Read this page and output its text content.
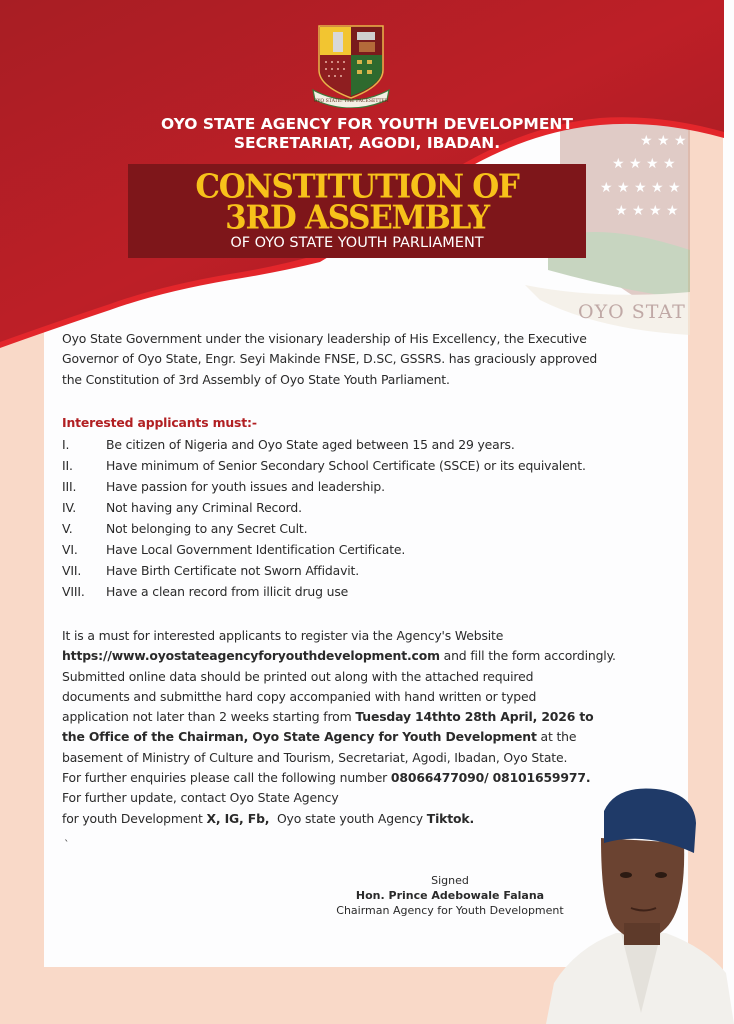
★ ★ ★
★ ★ ★ ★
★ ★ ★ ★ ★
★ ★ ★ ★
OYO STAT
OYO STATE: THE PACESETTER
OYO STATE AGENCY FOR YOUTH DEVELOPMENT
SECRETARIAT, AGODI, IBADAN.
CONSTITUTION OF
3RD ASSEMBLY
OF OYO STATE YOUTH PARLIAMENT
Oyo State Government under the visionary leadership of His Excellency, the Executive
Governor of Oyo State, Engr. Seyi Makinde FNSE, D.SC, GSSRS. has graciously approved
the Constitution of 3rd Assembly of Oyo State Youth Parliament.
Interested applicants must:-
I.	Be citizen of Nigeria and Oyo State aged between 15 and 29 years.
II.	Have minimum of Senior Secondary School Certificate (SSCE) or its equivalent.
III. Have passion for youth issues and leadership.
IV. Not having any Criminal Record.
V.	Not belonging to any Secret Cult.
VI. Have Local Government Identification Certificate.
VII. Have Birth Certificate not Sworn Affidavit.
VIII. Have a clean record from illicit drug use
It is a must for interested applicants to register via the Agency's Website
https://www.oyostateagencyforyouthdevelopment.com and fill the form accordingly.
Submitted online data should be printed out along with the attached required
documents and submitthe hard copy accompanied with hand written or typed
application not later than 2 weeks starting from Tuesday 14thto 28th April, 2026 to
the Office of the Chairman, Oyo State Agency for Youth Development at the
basement of Ministry of Culture and Tourism, Secretariat, Agodi, Ibadan, Oyo State.
For further enquiries please call the following number 08066477090/ 08101659977.
For further update, contact Oyo State Agency
for youth Development X, IG, Fb,  Oyo state youth Agency Tiktok.
`
Signed
Hon. Prince Adebowale Falana
Chairman Agency for Youth Development
